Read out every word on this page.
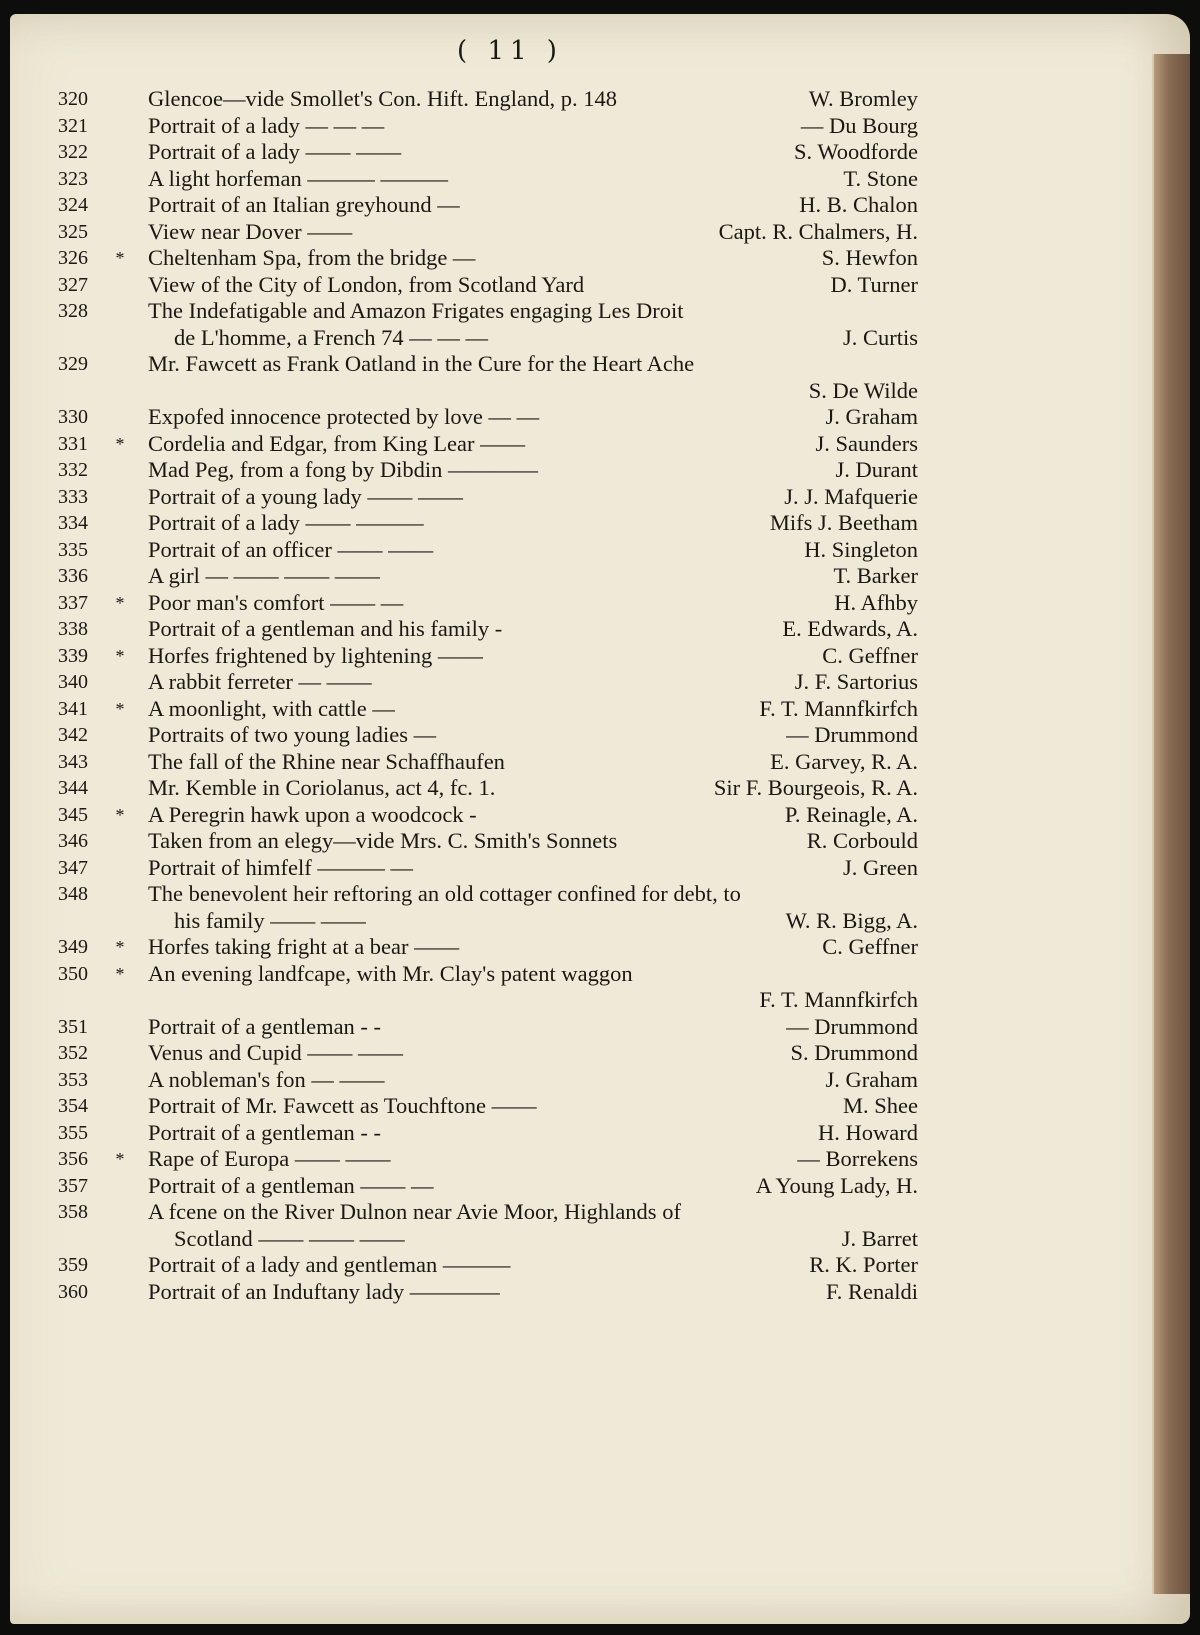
( 11 )
320	Glencoe—vide Smollet's Con. Hift. England, p. 148	W. Bromley
321	Portrait of a lady — — —	— Du Bourg
322	Portrait of a lady —— ——	S. Woodforde
323	A light horfeman ——— ———	T. Stone
324	Portrait of an Italian greyhound —	H. B. Chalon
325	View near Dover ——	Capt. R. Chalmers, H.
326	* Cheltenham Spa, from the bridge —	S. Hewfon
327	View of the City of London, from Scotland Yard	D. Turner
328	The Indefatigable and Amazon Frigates engaging Les Droit
de L'homme, a French 74 — — —	J. Curtis
329	Mr. Fawcett as Frank Oatland in the Cure for the Heart Ache
S. De Wilde
330	Expofed innocence protected by love — —	J. Graham
331	* Cordelia and Edgar, from King Lear ——	J. Saunders
332	Mad Peg, from a fong by Dibdin ————	J. Durant
333	Portrait of a young lady —— ——	J. J. Mafquerie
334	Portrait of a lady —— ———	Mifs J. Beetham
335	Portrait of an officer —— ——	H. Singleton
336	A girl — —— —— ——	T. Barker
337	* Poor man's comfort —— —	H. Afhby
338	Portrait of a gentleman and his family -	E. Edwards, A.
339	* Horfes frightened by lightening ——	C. Geffner
340	A rabbit ferreter — ——	J. F. Sartorius
341	* A moonlight, with cattle —	F. T. Mannfkirfch
342	Portraits of two young ladies —	— Drummond
343	The fall of the Rhine near Schaffhaufen	E. Garvey, R. A.
344	Mr. Kemble in Coriolanus, act 4, fc. 1.	Sir F. Bourgeois, R. A.
345	* A Peregrin hawk upon a woodcock -	P. Reinagle, A.
346	Taken from an elegy—vide Mrs. C. Smith's Sonnets	R. Corbould
347	Portrait of himfelf ——— —	J. Green
348	The benevolent heir reftoring an old cottager confined for debt, to
his family —— ——	W. R. Bigg, A.
349	* Horfes taking fright at a bear ——	C. Geffner
350	* An evening landfcape, with Mr. Clay's patent waggon
F. T. Mannfkirfch
351	Portrait of a gentleman - -	— Drummond
352	Venus and Cupid —— ——	S. Drummond
353	A nobleman's fon — ——	J. Graham
354	Portrait of Mr. Fawcett as Touchftone ——	M. Shee
355	Portrait of a gentleman - -	H. Howard
356	* Rape of Europa —— ——	— Borrekens
357	Portrait of a gentleman —— —	A Young Lady, H.
358	A fcene on the River Dulnon near Avie Moor, Highlands of
Scotland —— —— ——	J. Barret
359	Portrait of a lady and gentleman ———	R. K. Porter
360	Portrait of an Induftany lady ————	F. Renaldi
